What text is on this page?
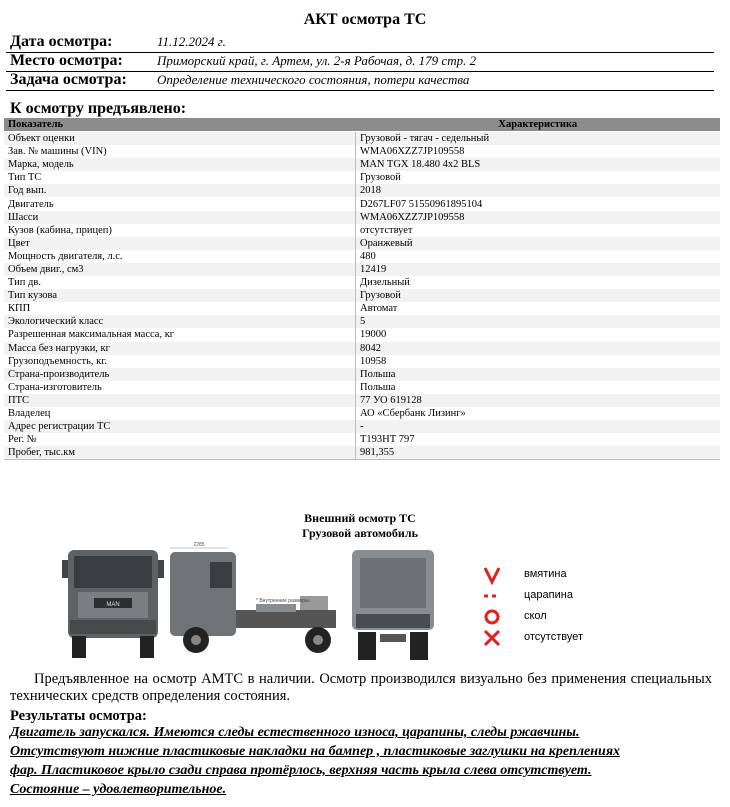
АКТ осмотра ТС
Дата осмотра:	11.12.2024 г.
Место осмотра:	Приморский край, г. Артем, ул. 2-я Рабочая, д. 179 стр. 2
Задача осмотра: Определение технического состояния, потери качества
К осмотру предъявлено:
Показатель	Характеристика
Объект оценки	Грузовой - тягач - седельный
Зав. № машины (VIN)	WMA06XZZ7JP109558
Марка, модель	MAN TGX 18.480 4x2 BLS
Тип ТС	Грузовой
Год вып.	2018
Двигатель	D267LF07 51550961895104
Шасси	WMA06XZZ7JP109558
Кузов (кабина, прицеп)	отсутствует
Цвет	Оранжевый
Мощность двигателя, л.с.	480
Объем двиг., см3	12419
Тип дв.	Дизельный
Тип кузова	Грузовой
КПП	Автомат
Экологический класс	5
Разрешенная максимальная масса, кг	19000
Масса без нагрузки, кг	8042
Грузоподъемность, кг.	10958
Страна-производитель	Польша
Страна-изготовитель	Польша
ПТС	77 УО 619128
Владелец	АО «Сбербанк Лизинг»
Адрес регистрации ТС	-
Рег. №	Т193НТ 797
Пробег, тыс.км	981,355
Внешний осмотр ТС
Грузовой автомобиль
MAN
2285
* Внутренние размеры.
вмятина
царапина
скол
отсутствует
Предъявленное на осмотр АМТС в наличии. Осмотр производился визуально без применения специальных технических средств определения состояния.
Результаты осмотра:
Двигатель запускался. Имеются следы естественного износа, царапины, следы ржавчины.
Отсутствуют нижние пластиковые накладки на бампер , пластиковые заглушки на креплениях
фар. Пластиковое крыло сзади справа протёрлось, верхняя часть крыла слева отсутствует.
Состояние – удовлетворительное.
